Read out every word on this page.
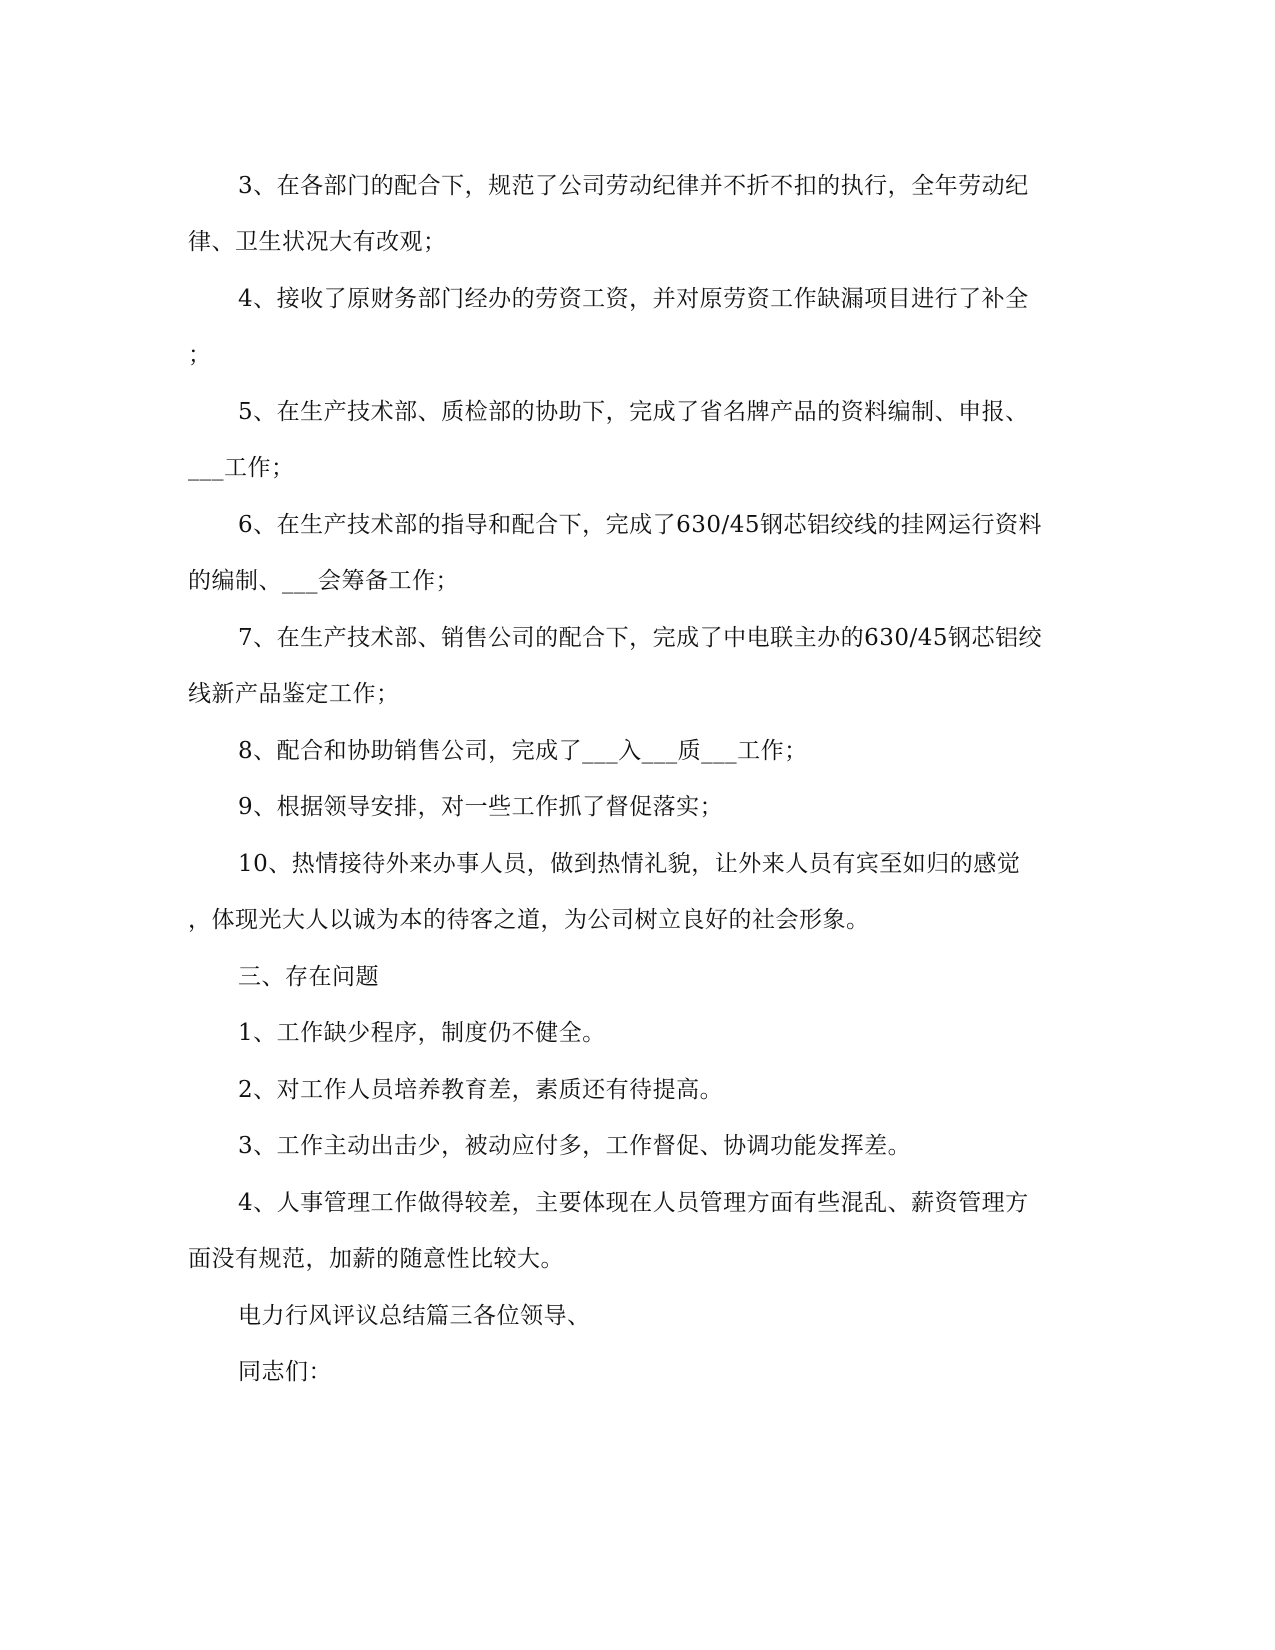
3、在各部门的配合下，规范了公司劳动纪律并不折不扣的执行，全年劳动纪
律、卫生状况大有改观；
4、接收了原财务部门经办的劳资工资，并对原劳资工作缺漏项目进行了补全
；
5、在生产技术部、质检部的协助下，完成了省名牌产品的资料编制、申报、
___工作；
6、在生产技术部的指导和配合下，完成了630/45钢芯铝绞线的挂网运行资料
的编制、___会筹备工作；
7、在生产技术部、销售公司的配合下，完成了中电联主办的630/45钢芯铝绞
线新产品鉴定工作；
8、配合和协助销售公司，完成了___入___质___工作；
9、根据领导安排，对一些工作抓了督促落实；
10、热情接待外来办事人员，做到热情礼貌，让外来人员有宾至如归的感觉
，体现光大人以诚为本的待客之道，为公司树立良好的社会形象。
三、存在问题
1、工作缺少程序，制度仍不健全。
2、对工作人员培养教育差，素质还有待提高。
3、工作主动出击少，被动应付多，工作督促、协调功能发挥差。
4、人事管理工作做得较差，主要体现在人员管理方面有些混乱、薪资管理方
面没有规范，加薪的随意性比较大。
电力行风评议总结篇三各位领导、
同志们：
